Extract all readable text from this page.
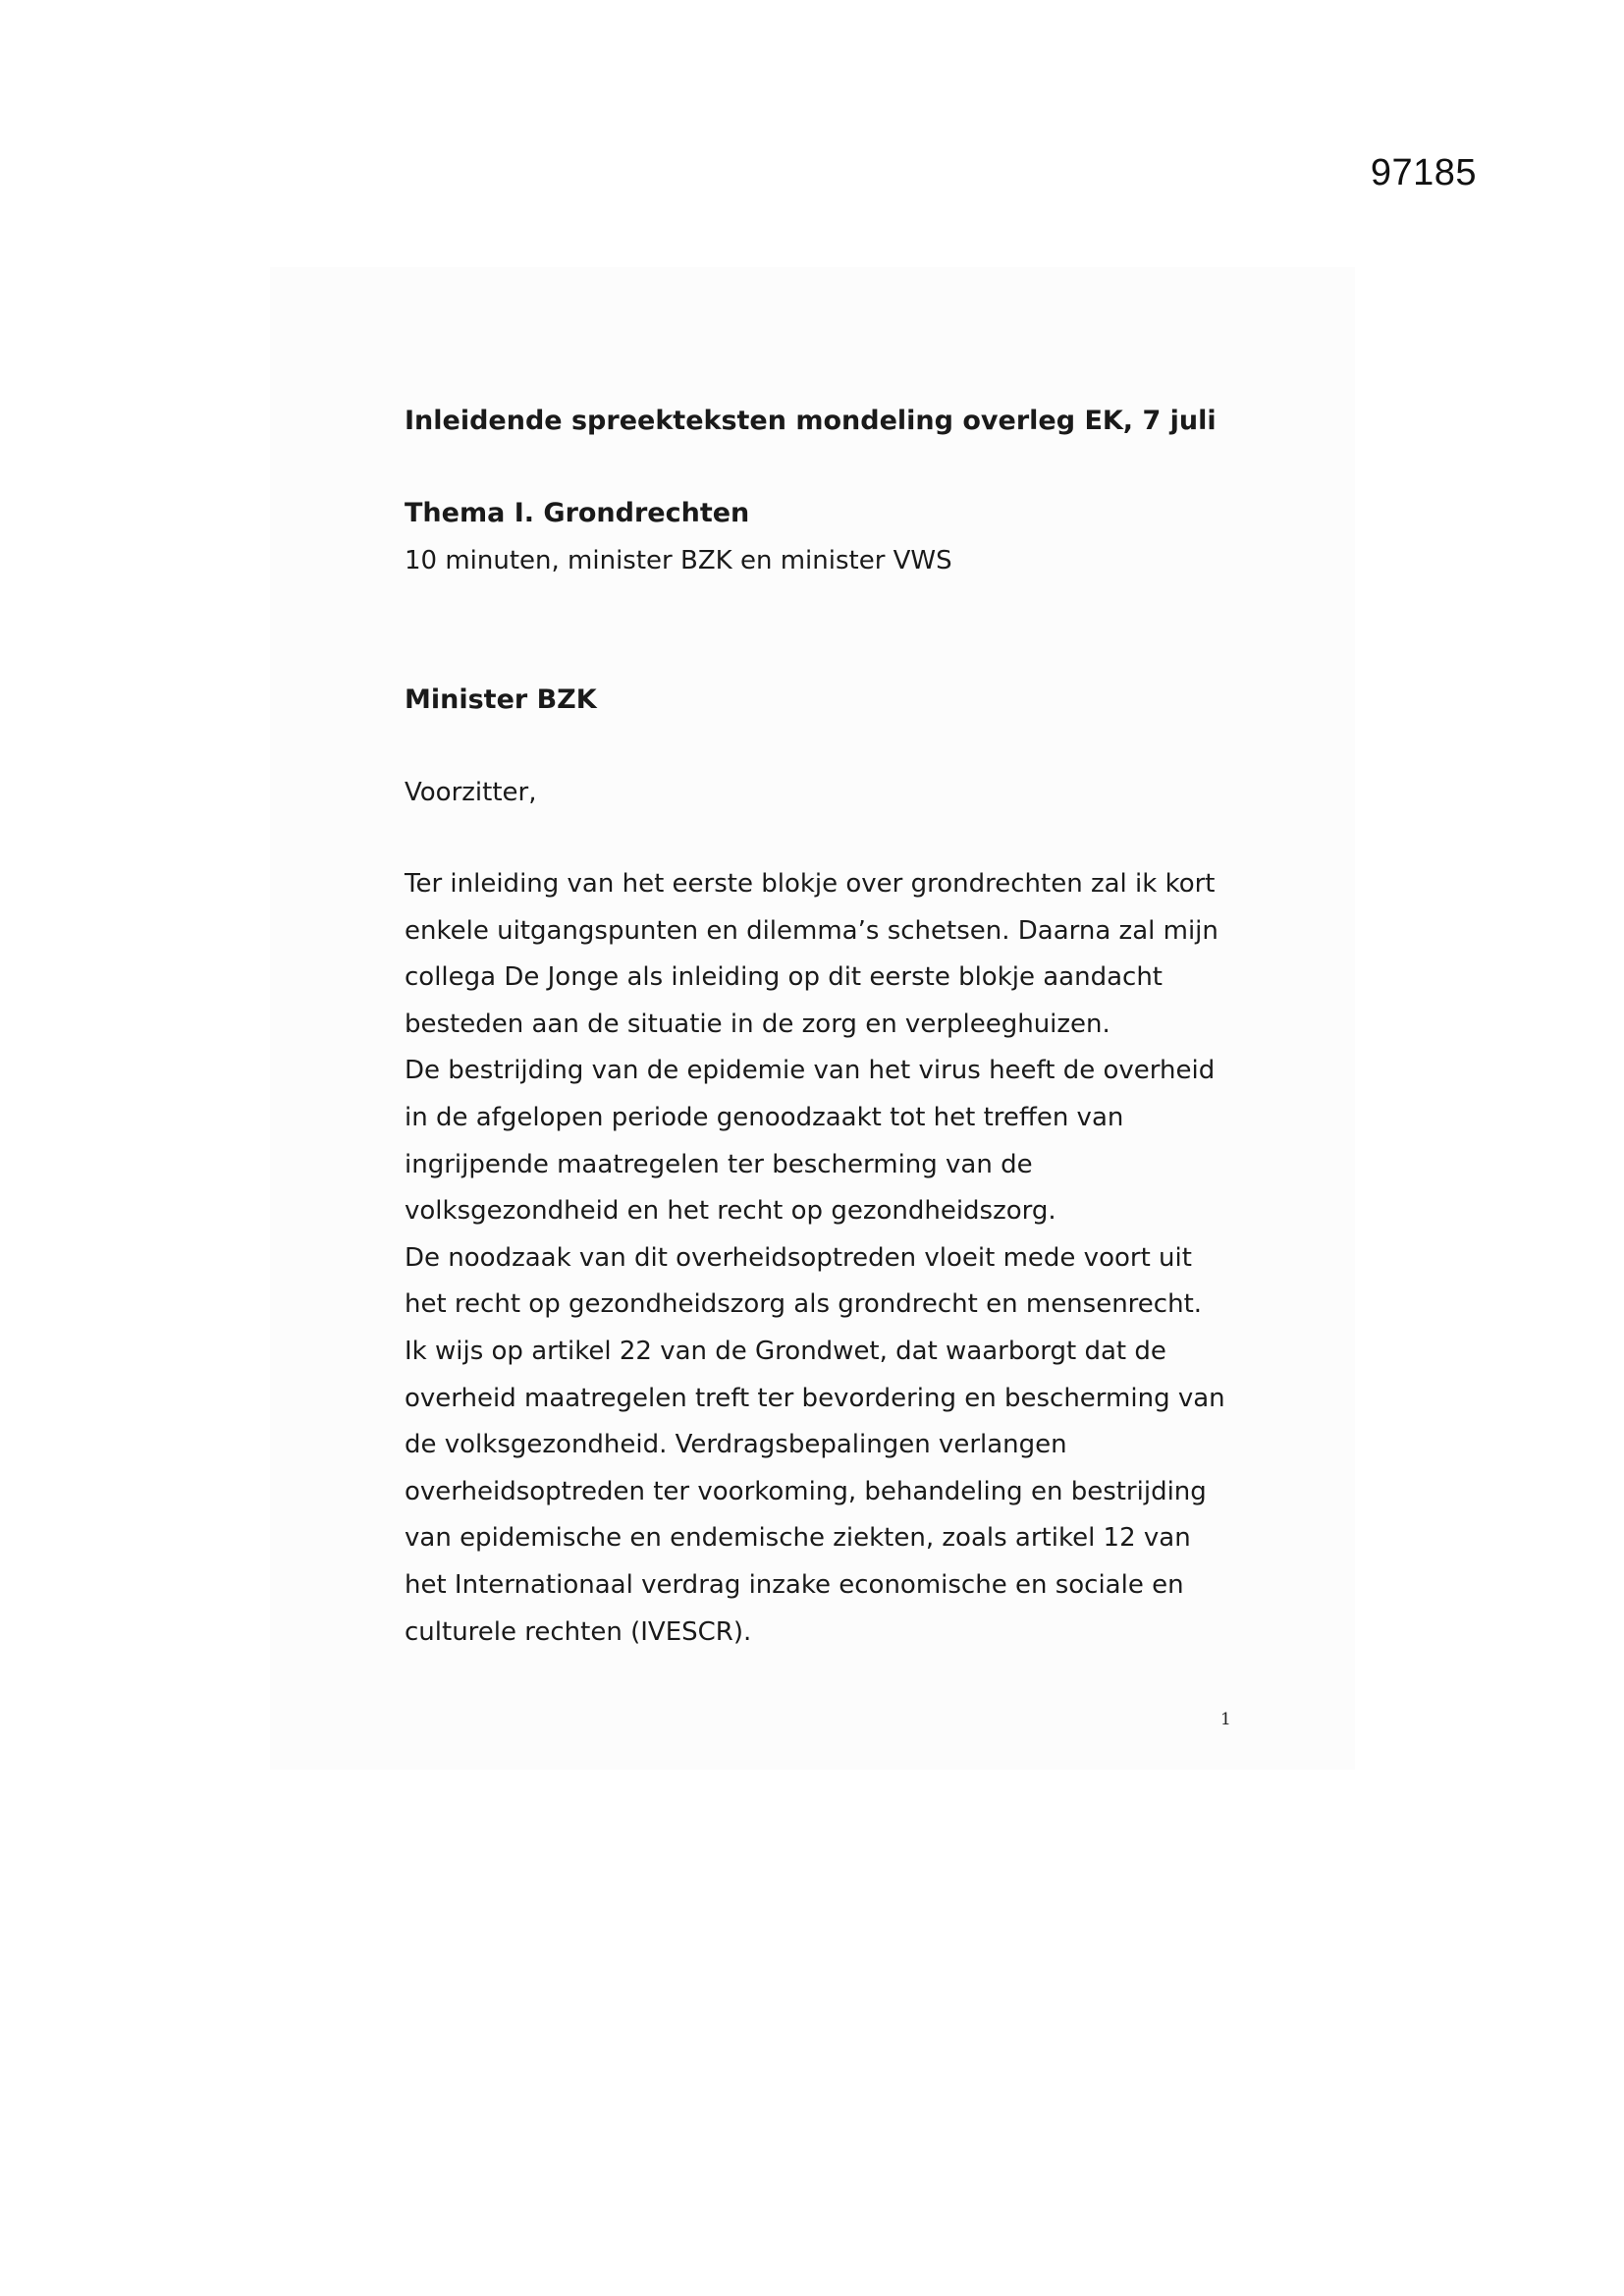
97185
Inleidende spreekteksten mondeling overleg EK, 7 juli
Thema I. Grondrechten

10 minuten, minister BZK en minister VWS

Minister BZK

Voorzitter,

Ter inleiding van het eerste blokje over grondrechten zal ik kort
enkele uitgangspunten en dilemma’s schetsen. Daarna zal mijn
collega De Jonge als inleiding op dit eerste blokje aandacht
besteden aan de situatie in de zorg en verpleeghuizen.
De bestrijding van de epidemie van het virus heeft de overheid
in de afgelopen periode genoodzaakt tot het treffen van
ingrijpende maatregelen ter bescherming van de
volksgezondheid en het recht op gezondheidszorg.
De noodzaak van dit overheidsoptreden vloeit mede voort uit
het recht op gezondheidszorg als grondrecht en mensenrecht.
Ik wijs op artikel 22 van de Grondwet, dat waarborgt dat de
overheid maatregelen treft ter bevordering en bescherming van
de volksgezondheid. Verdragsbepalingen verlangen
overheidsoptreden ter voorkoming, behandeling en bestrijding
van epidemische en endemische ziekten, zoals artikel 12 van
het Internationaal verdrag inzake economische en sociale en
culturele rechten (IVESCR).
1
